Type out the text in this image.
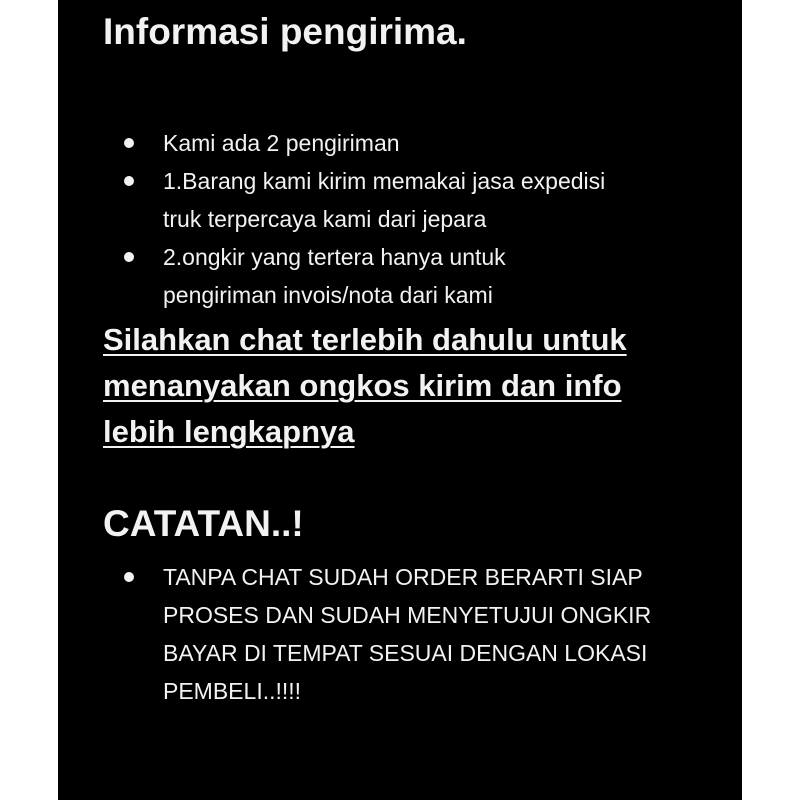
Informasi pengirima.
Kami ada 2 pengiriman
1.Barang kami kirim memakai jasa expedisi
truk terpercaya kami dari jepara
2.ongkir yang tertera hanya untuk
pengiriman invois/nota dari kami

Silahkan chat terlebih dahulu untuk
menanyakan ongkos kirim dan info
lebih lengkapnya

CATATAN..!
TANPA CHAT SUDAH ORDER BERARTI SIAP
PROSES DAN SUDAH MENYETUJUI ONGKIR
BAYAR DI TEMPAT SESUAI DENGAN LOKASI
PEMBELI..!!!!
